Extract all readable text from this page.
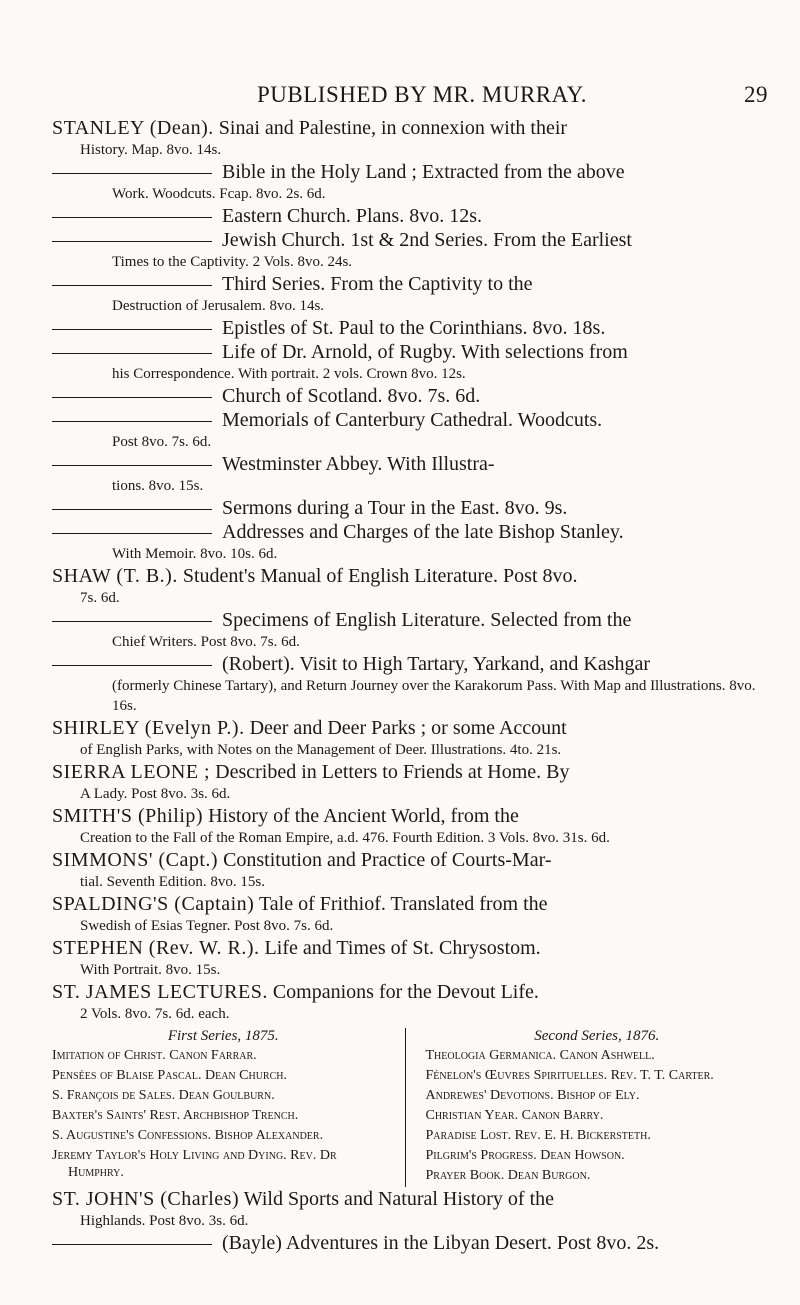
PUBLISHED BY MR. MURRAY.	29
STANLEY (Dean). Sinai and Palestine, in connexion with their
History. Map. 8vo. 14s.
Bible in the Holy Land ; Extracted from the above
Work. Woodcuts. Fcap. 8vo. 2s. 6d.
Eastern Church. Plans. 8vo. 12s.
Jewish Church. 1st & 2nd Series. From the Earliest
Times to the Captivity. 2 Vols. 8vo. 24s.
Third Series. From the Captivity to the
Destruction of Jerusalem. 8vo. 14s.
Epistles of St. Paul to the Corinthians. 8vo. 18s.
Life of Dr. Arnold, of Rugby. With selections from
his Correspondence. With portrait. 2 vols. Crown 8vo. 12s.
Church of Scotland. 8vo. 7s. 6d.
Memorials of Canterbury Cathedral. Woodcuts.
Post 8vo. 7s. 6d.
Westminster Abbey. With Illustra-
tions. 8vo. 15s.
Sermons during a Tour in the East. 8vo. 9s.
Addresses and Charges of the late Bishop Stanley.
With Memoir. 8vo. 10s. 6d.
SHAW (T. B.). Student's Manual of English Literature. Post 8vo.
7s. 6d.
Specimens of English Literature. Selected from the
Chief Writers. Post 8vo. 7s. 6d.
(Robert). Visit to High Tartary, Yarkand, and Kashgar
(formerly Chinese Tartary), and Return Journey over the Karakorum Pass. With Map and Illustrations. 8vo. 16s.
SHIRLEY (Evelyn P.). Deer and Deer Parks ; or some Account
of English Parks, with Notes on the Management of Deer. Illustrations. 4to. 21s.
SIERRA LEONE ; Described in Letters to Friends at Home. By
A Lady. Post 8vo. 3s. 6d.
SMITH'S (Philip) History of the Ancient World, from the
Creation to the Fall of the Roman Empire, a.d. 476. Fourth Edition. 3 Vols. 8vo. 31s. 6d.
SIMMONS' (Capt.) Constitution and Practice of Courts-Mar-
tial. Seventh Edition. 8vo. 15s.
SPALDING'S (Captain) Tale of Frithiof. Translated from the
Swedish of Esias Tegner. Post 8vo. 7s. 6d.
STEPHEN (Rev. W. R.). Life and Times of St. Chrysostom.
With Portrait. 8vo. 15s.
ST. JAMES LECTURES. Companions for the Devout Life.
2 Vols. 8vo. 7s. 6d. each.
First Series, 1875.
Imitation of Christ. Canon Farrar.
Pensées of Blaise Pascal. Dean Church.
S. François de Sales. Dean Goulburn.
Baxter's Saints' Rest. Archbishop Trench.
S. Augustine's Confessions. Bishop Alexander.
Jeremy Taylor's Holy Living and Dying. Rev. Dr Humphry.
Second Series, 1876.
Theologia Germanica. Canon Ashwell.
Fénelon's Œuvres Spirituelles. Rev. T. T. Carter.
Andrewes' Devotions. Bishop of Ely.
Christian Year. Canon Barry.
Paradise Lost. Rev. E. H. Bickersteth.
Pilgrim's Progress. Dean Howson.
Prayer Book. Dean Burgon.
ST. JOHN'S (Charles) Wild Sports and Natural History of the
Highlands. Post 8vo. 3s. 6d.
(Bayle) Adventures in the Libyan Desert. Post 8vo. 2s.
